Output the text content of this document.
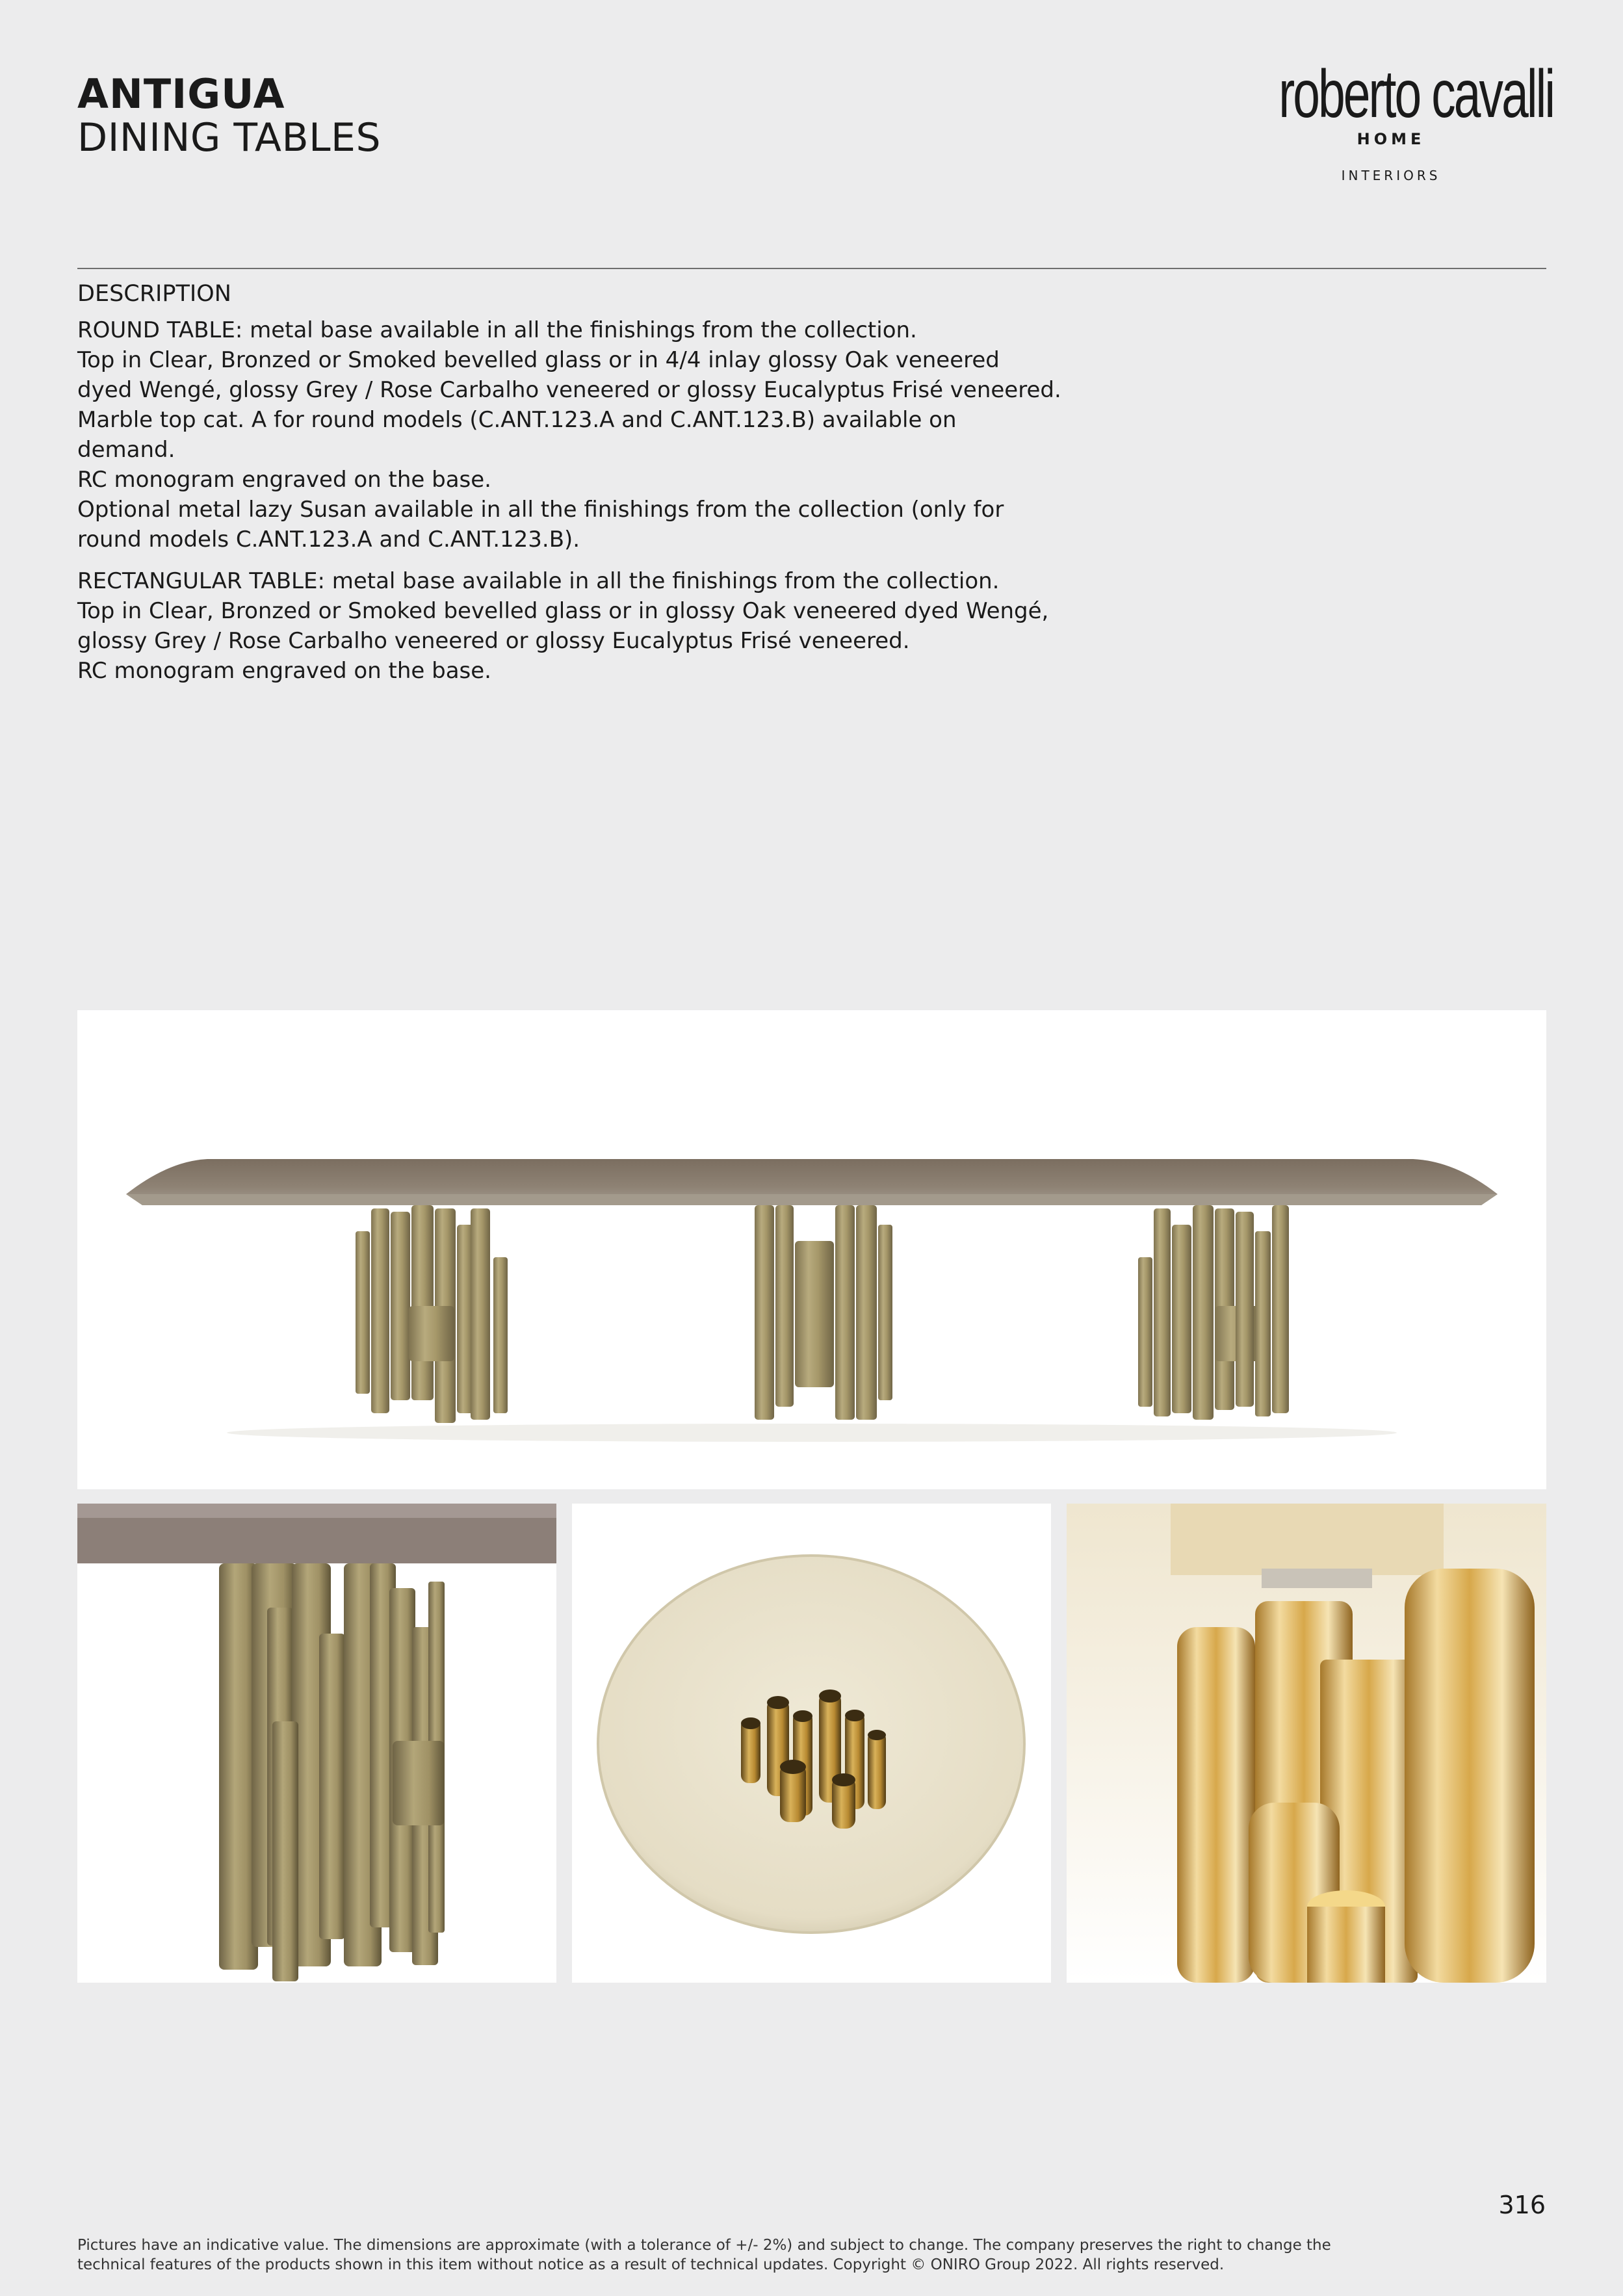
ANTIGUA
DINING TABLES
roberto cavalli
HOME
INTERIORS
DESCRIPTION

ROUND TABLE: metal base available in all the finishings from the collection.

Top in Clear, Bronzed or Smoked bevelled glass or in 4/4 inlay glossy Oak veneered

dyed Wengé, glossy Grey / Rose Carbalho veneered or glossy Eucalyptus Frisé veneered.

Marble top cat. A for round models (C.ANT.123.A and C.ANT.123.B) available on

demand.

RC monogram engraved on the base.

Optional metal lazy Susan available in all the finishings from the collection (only for

round models C.ANT.123.A and C.ANT.123.B).

RECTANGULAR TABLE: metal base available in all the finishings from the collection.

Top in Clear, Bronzed or Smoked bevelled glass or in glossy Oak veneered dyed Wengé,

glossy Grey / Rose Carbalho veneered or glossy Eucalyptus Frisé veneered.

RC monogram engraved on the base.

316

Pictures have an indicative value. The dimensions are approximate (with a tolerance of +/- 2%) and subject to change. The company preserves the right to change the

technical features of the products shown in this item without notice as a result of technical updates. Copyright © ONIRO Group 2022. All rights reserved.
